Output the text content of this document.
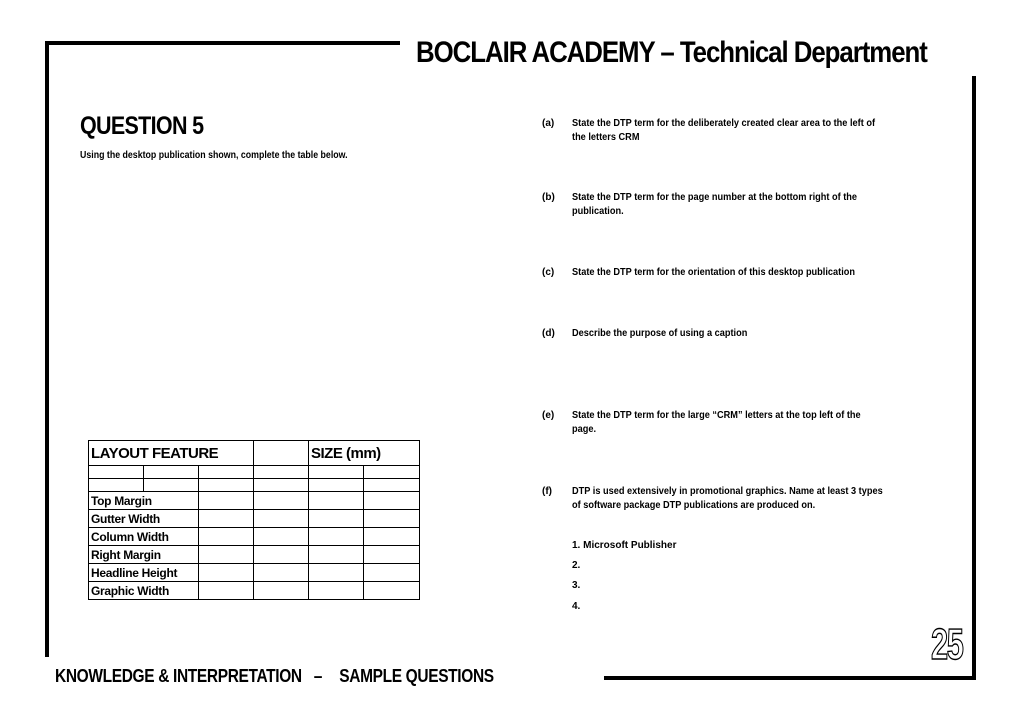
BOCLAIR ACADEMY – Technical Department
QUESTION 5
Using the desktop publication shown, complete the table below.
LAYOUT FEATURE				SIZE (mm)	

Top Margin					
Gutter Width					
Column Width					
Right Margin					
Headline Height					
Graphic Width					
(a) State the DTP term for the deliberately created clear area to the left of the letters CRM
(b) State the DTP term for the page number at the bottom right of the publication.
(c) State the DTP term for the orientation of this desktop publication
(d) Describe the purpose of using a caption
(e) State the DTP term for the large “CRM” letters at the top left of the page.
(f) DTP is used extensively in promotional graphics. Name at least 3 types of software package DTP publications are produced on.
1. Microsoft Publisher
2.
3.
4.
25
KNOWLEDGE & INTERPRETATION – SAMPLE QUESTIONS
